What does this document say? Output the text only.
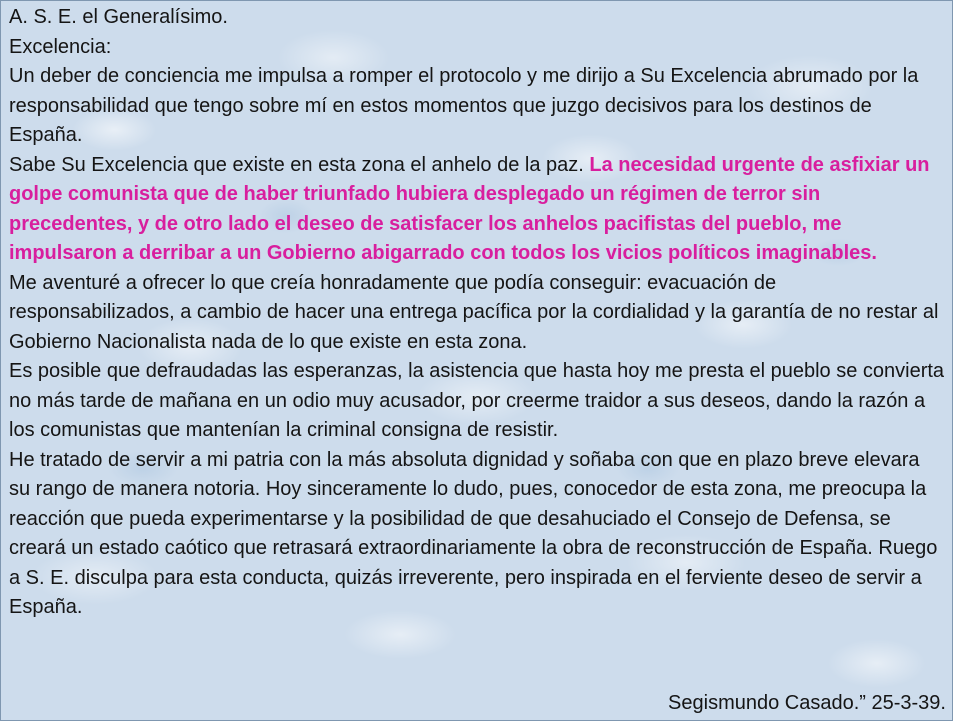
A. S. E. el Generalísimo.

Excelencia:

Un deber de conciencia me impulsa a romper el protocolo y me dirijo a Su Excelencia abrumado por la responsabilidad que tengo sobre mí en estos momentos que juzgo decisivos para los destinos de España.

Sabe Su Excelencia que existe en esta zona el anhelo de la paz. La necesidad urgente de asfixiar un golpe comunista que de haber triunfado hubiera desplegado un régimen de terror sin precedentes, y de otro lado el deseo de satisfacer los anhelos pacifistas del pueblo, me impulsaron a derribar a un Gobierno abigarrado con todos los vicios políticos imaginables.

Me aventuré a ofrecer lo que creía honradamente que podía conseguir: evacuación de responsabilizados, a cambio de hacer una entrega pacífica por la cordialidad y la garantía de no restar al Gobierno Nacionalista nada de lo que existe en esta zona.

Es posible que defraudadas las esperanzas, la asistencia que hasta hoy me presta el pueblo se convierta no más tarde de mañana en un odio muy acusador, por creerme traidor a sus deseos, dando la razón a los comunistas que mantenían la criminal consigna de resistir.

He tratado de servir a mi patria con la más absoluta dignidad y soñaba con que en plazo breve elevara su rango de manera notoria. Hoy sinceramente lo dudo, pues, conocedor de esta zona, me preocupa la reacción que pueda experimentarse y la posibilidad de que desahuciado el Consejo de Defensa, se creará un estado caótico que retrasará extraordinariamente la obra de reconstrucción de España. Ruego a S. E. disculpa para esta conducta, quizás irreverente, pero inspirada en el ferviente deseo de servir a España.

Segismundo Casado.” 25-3-39.
